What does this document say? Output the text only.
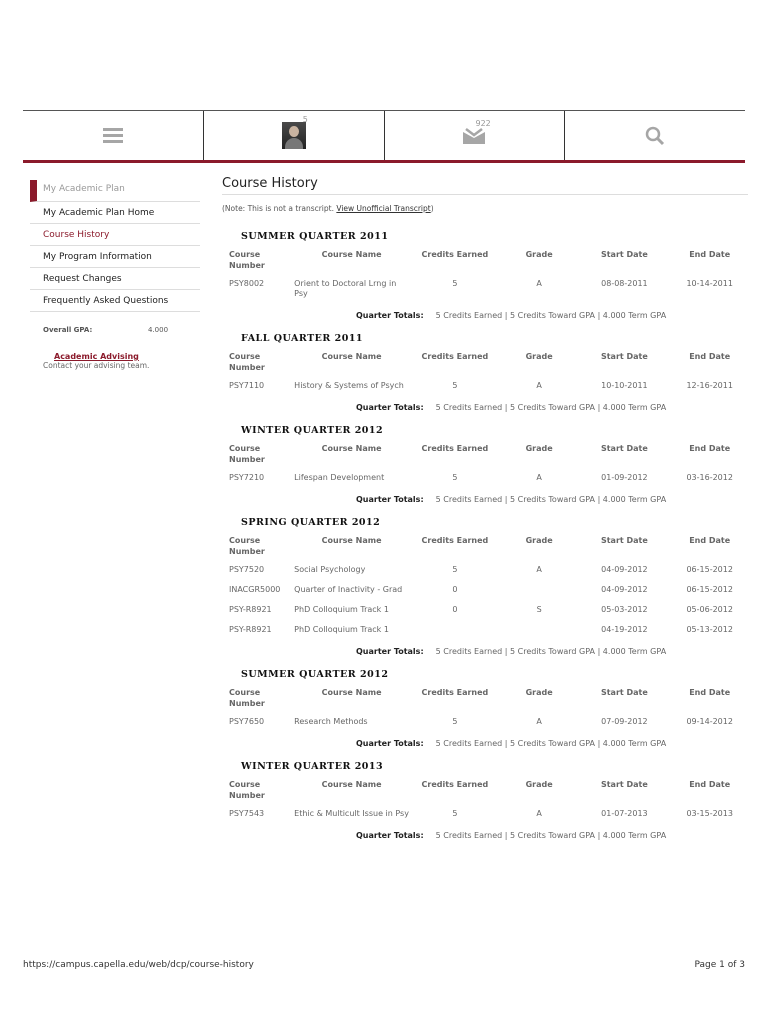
5	922
My Academic Plan
My Academic Plan Home
Course History
My Program Information
Request Changes
Frequently Asked Questions
Overall GPA:	4.000
Academic Advising
Contact your advising team.
Course History
(Note: This is not a transcript. View Unofficial Transcript)
SUMMER QUARTER 2011
Course Number	Course Name	Credits Earned	Grade	Start Date	End Date
PSY8002	Orient to Doctoral Lrng in Psy	5	A	08-08-2011	10-14-2011
Quarter Totals: 5 Credits Earned | 5 Credits Toward GPA | 4.000 Term GPA
FALL QUARTER 2011
Course Number	Course Name	Credits Earned	Grade	Start Date	End Date
PSY7110	History & Systems of Psych	5	A	10-10-2011	12-16-2011
Quarter Totals: 5 Credits Earned | 5 Credits Toward GPA | 4.000 Term GPA
WINTER QUARTER 2012
Course Number	Course Name	Credits Earned	Grade	Start Date	End Date
PSY7210	Lifespan Development	5	A	01-09-2012	03-16-2012
Quarter Totals: 5 Credits Earned | 5 Credits Toward GPA | 4.000 Term GPA
SPRING QUARTER 2012
Course Number	Course Name	Credits Earned	Grade	Start Date	End Date
PSY7520	Social Psychology	5	A	04-09-2012	06-15-2012
INACGR5000	Quarter of Inactivity - Grad	0		04-09-2012	06-15-2012
PSY-R8921	PhD Colloquium Track 1	0	S	05-03-2012	05-06-2012
PSY-R8921	PhD Colloquium Track 1			04-19-2012	05-13-2012
Quarter Totals: 5 Credits Earned | 5 Credits Toward GPA | 4.000 Term GPA
SUMMER QUARTER 2012
Course Number	Course Name	Credits Earned	Grade	Start Date	End Date
PSY7650	Research Methods	5	A	07-09-2012	09-14-2012
Quarter Totals: 5 Credits Earned | 5 Credits Toward GPA | 4.000 Term GPA
WINTER QUARTER 2013
Course Number	Course Name	Credits Earned	Grade	Start Date	End Date
PSY7543	Ethic & Multicult Issue in Psy	5	A	01-07-2013	03-15-2013
Quarter Totals: 5 Credits Earned | 5 Credits Toward GPA | 4.000 Term GPA
https://campus.capella.edu/web/dcp/course-history	Page 1 of 3
